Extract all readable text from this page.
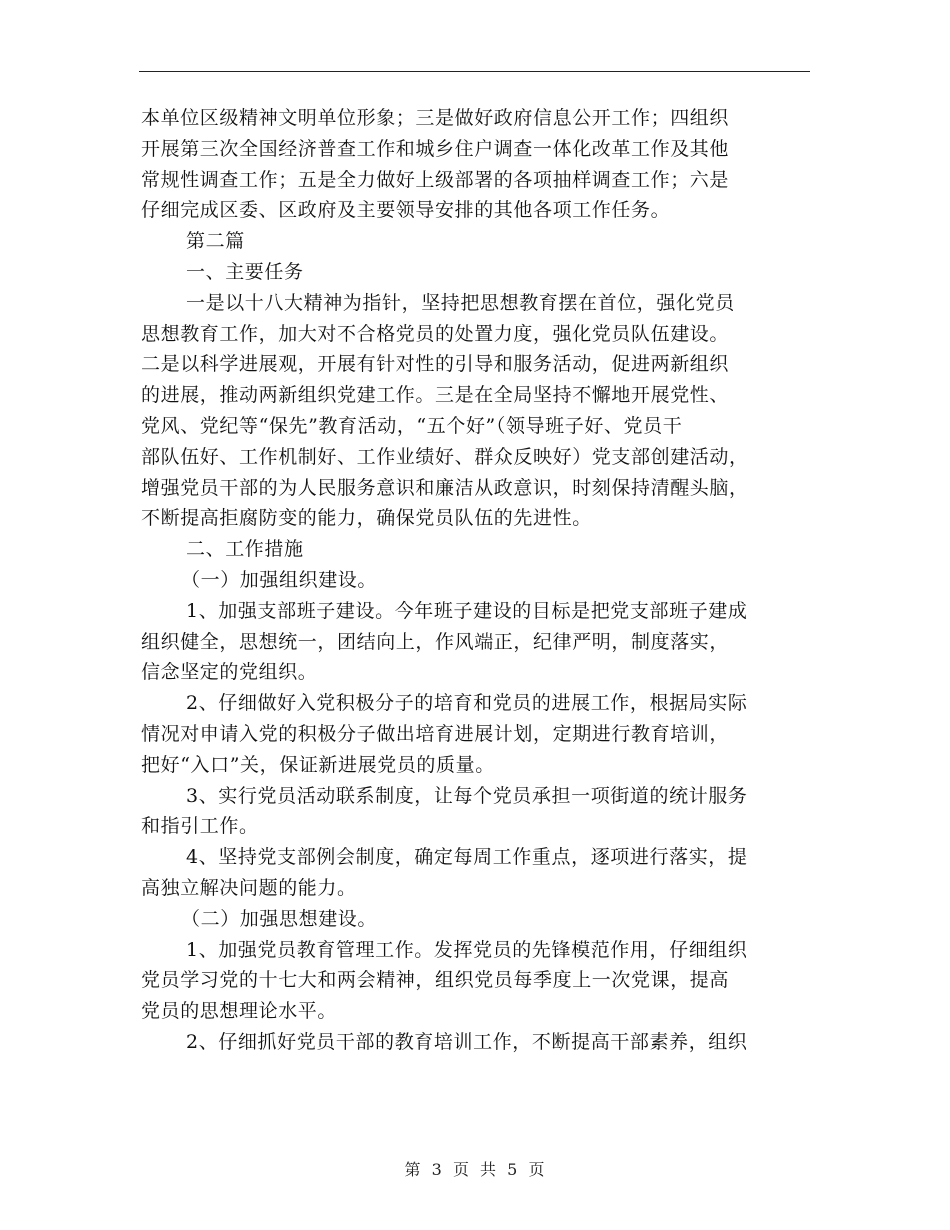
本单位区级精神文明单位形象；三是做好政府信息公开工作；四组织
开展第三次全国经济普查工作和城乡住户调查一体化改革工作及其他
常规性调查工作；五是全力做好上级部署的各项抽样调查工作；六是
仔细完成区委、区政府及主要领导安排的其他各项工作任务。
第二篇
一、主要任务
一是以十八大精神为指针，坚持把思想教育摆在首位，强化党员
思想教育工作，加大对不合格党员的处置力度，强化党员队伍建设。
二是以科学进展观，开展有针对性的引导和服务活动，促进两新组织
的进展，推动两新组织党建工作。三是在全局坚持不懈地开展党性、
党风、党纪等“保先”教育活动，“五个好”（领导班子好、党员干
部队伍好、工作机制好、工作业绩好、群众反映好）党支部创建活动，
增强党员干部的为人民服务意识和廉洁从政意识，时刻保持清醒头脑，
不断提高拒腐防变的能力，确保党员队伍的先进性。
二、工作措施
（一）加强组织建设。
1、加强支部班子建设。今年班子建设的目标是把党支部班子建成
组织健全，思想统一，团结向上，作风端正，纪律严明，制度落实，
信念坚定的党组织。
2、仔细做好入党积极分子的培育和党员的进展工作，根据局实际
情况对申请入党的积极分子做出培育进展计划，定期进行教育培训，
把好“入口”关，保证新进展党员的质量。
3、实行党员活动联系制度，让每个党员承担一项街道的统计服务
和指引工作。
4、坚持党支部例会制度，确定每周工作重点，逐项进行落实，提
高独立解决问题的能力。
（二）加强思想建设。
1、加强党员教育管理工作。发挥党员的先锋模范作用，仔细组织
党员学习党的十七大和两会精神，组织党员每季度上一次党课，提高
党员的思想理论水平。
2、仔细抓好党员干部的教育培训工作，不断提高干部素养，组织
第 3 页 共 5 页
